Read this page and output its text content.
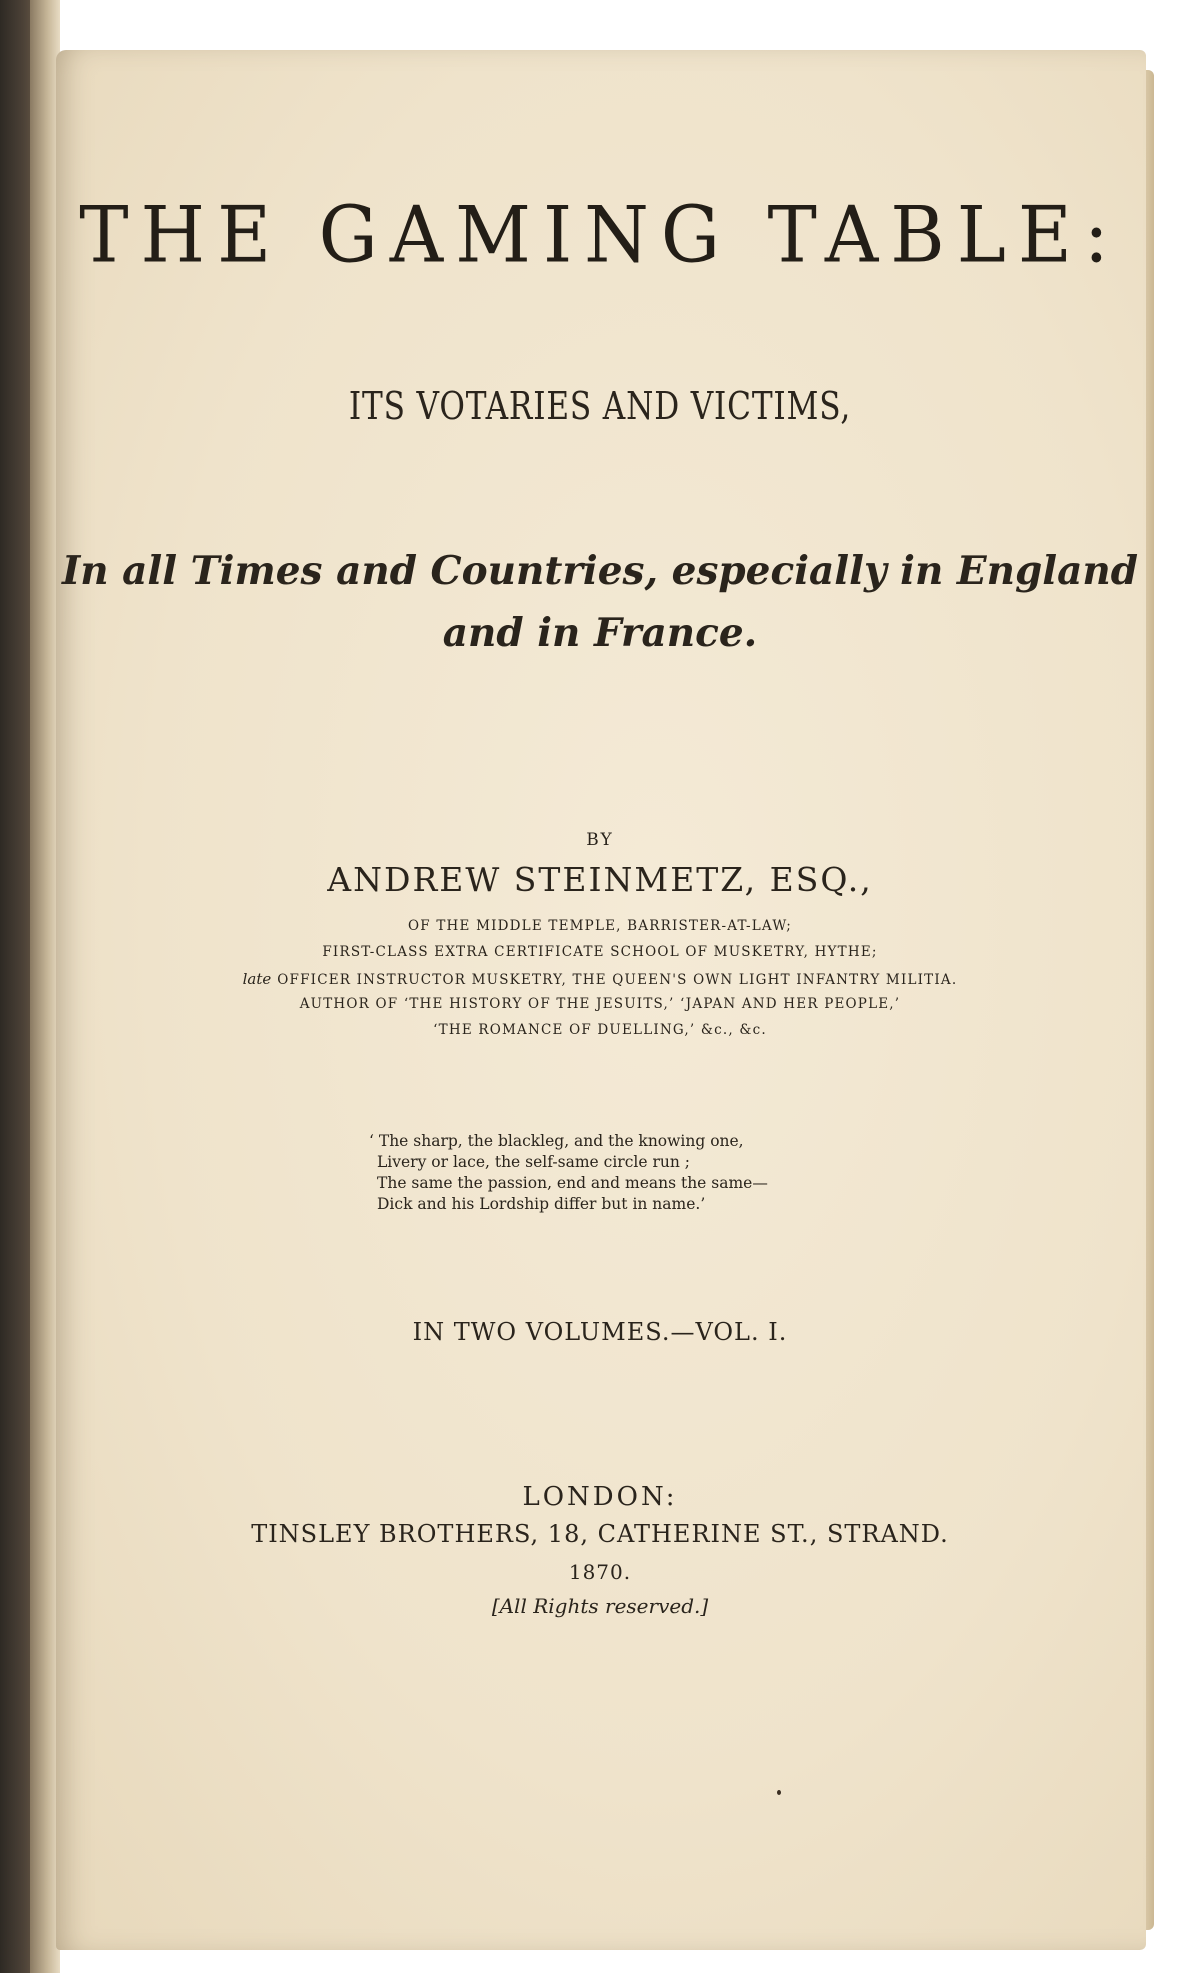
THE GAMING TABLE:
ITS VOTARIES AND VICTIMS,
In all Times and Countries, especially in England
and in France.
BY
ANDREW STEINMETZ, ESQ.,
OF THE MIDDLE TEMPLE, BARRISTER-AT-LAW;
FIRST-CLASS EXTRA CERTIFICATE SCHOOL OF MUSKETRY, HYTHE;
late OFFICER INSTRUCTOR MUSKETRY, THE QUEEN'S OWN LIGHT INFANTRY MILITIA.
AUTHOR OF ‘THE HISTORY OF THE JESUITS,’ ‘JAPAN AND HER PEOPLE,’
‘THE ROMANCE OF DUELLING,’ &c., &c.
‘ The sharp, the blackleg, and the knowing one,
Livery or lace, the self-same circle run ;
The same the passion, end and means the same—
Dick and his Lordship differ but in name.’
IN TWO VOLUMES.—VOL. I.
LONDON:
TINSLEY BROTHERS, 18, CATHERINE ST., STRAND.
1870.
[All Rights reserved.]
